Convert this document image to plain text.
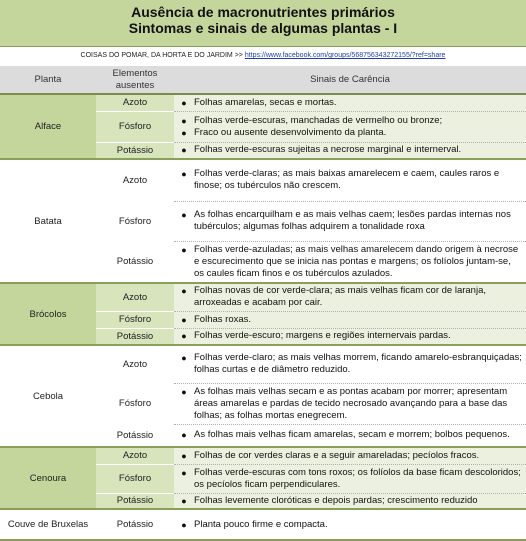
Ausência de macronutrientes primários
Sintomas e sinais de algumas plantas - I
COISAS DO POMAR, DA HORTA E DO JARDIM >> https://www.facebook.com/groups/568756343272155/?ref=share
Planta	Elementos ausentes	Sinais de Carência
Alface	Azoto	● Folhas amarelas, secas e mortas.

	Fósforo	● Folhas verde-escuras, manchadas de vermelho ou bronze;
● Fraco ou ausente desenvolvimento da planta.

	Potássio	● Folhas verde-escuras sujeitas a necrose marginal e internerval.

Batata	Azoto	● Folhas verde-claras; as mais baixas amarelecem e caem, caules raros e finose; os tubérculos não crescem.

	Fósforo	● As folhas encarquilham e as mais velhas caem; lesões pardas internas nos tubérculos; algumas folhas adquirem a tonalidade roxa

	Potássio	● Folhas verde-azuladas; as mais velhas amarelecem dando origem à necrose e escurecimento que se inicia nas pontas e margens; os folíolos juntam-se, os caules ficam finos e os tubérculos azulados.

Brócolos	Azoto	● Folhas novas de cor verde-clara; as mais velhas ficam cor de laranja, arroxeadas e acabam por cair.

	Fósforo	● Folhas roxas.

	Potássio	● Folhas verde-escuro; margens e regiões internervais pardas.

Cebola	Azoto	● Folhas verde-claro; as mais velhas morrem, ficando amarelo-esbranquiçadas; folhas curtas e de diâmetro reduzido.

	Fósforo	● As folhas mais velhas secam e as pontas acabam por morrer; apresentam áreas amarelas e pardas de tecido necrosado avançando para a base das folhas; as folhas mortas enegrecem.

	Potássio	● As folhas mais velhas ficam amarelas, secam e morrem; bolbos pequenos.

Cenoura	Azoto	● Folhas de cor verdes claras e a seguir amareladas; pecíolos fracos.

	Fósforo	● Folhas verde-escuras com tons roxos; os folíolos da base ficam descoloridos; os pecíolos ficam perpendiculares.

	Potássio	● Folhas levemente cloróticas e depois pardas; crescimento reduzido

Couve de Bruxelas	Potássio	● Planta pouco firme e compacta.
